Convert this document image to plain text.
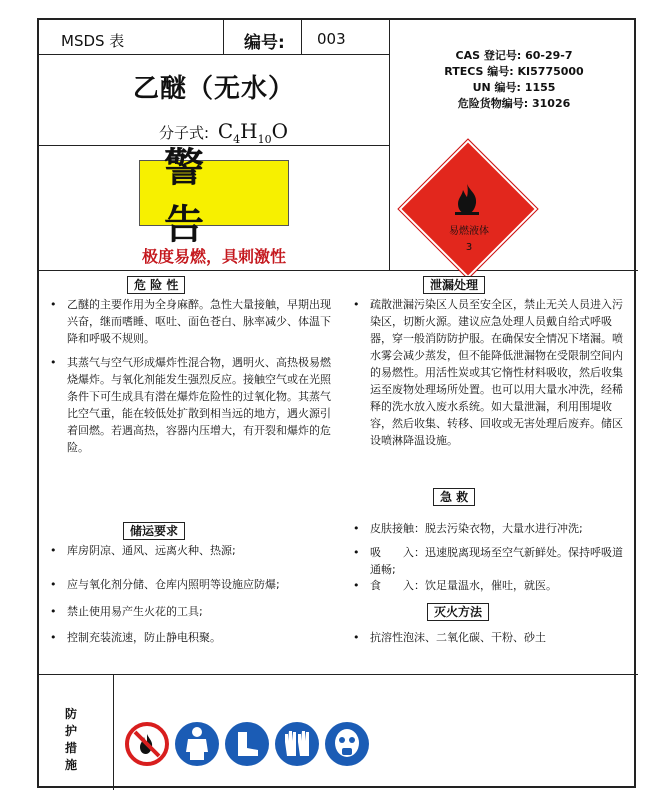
MSDS 表	编号: 003
乙醚（无水）
分子式: $C_4H_{10}O$
CAS 登记号: 60-29-7
RTECS 编号: KI5775000
UN 编号: 1155
危险货物编号: 31026
警 告
极度易燃，具刺激性
易燃液体
3
危 险 性
• 乙醚的主要作用为全身麻醉。急性大量接触，早期出现兴奋，继而嗜睡、呕吐、面色苍白、脉率减少、体温下降和呼吸不规则。
• 其蒸气与空气形成爆炸性混合物，遇明火、高热极易燃烧爆炸。与氧化剂能发生强烈反应。接触空气或在光照条件下可生成具有潜在爆炸危险性的过氧化物。其蒸气比空气重，能在较低处扩散到相当远的地方，遇火源引着回燃。若遇高热，容器内压增大，有开裂和爆炸的危险。
泄漏处理
• 疏散泄漏污染区人员至安全区，禁止无关人员进入污染区，切断火源。建议应急处理人员戴自给式呼吸器，穿一般消防防护服。在确保安全情况下堵漏。喷水雾会减少蒸发，但不能降低泄漏物在受限制空间内的易燃性。用活性炭或其它惰性材料吸收，然后收集运至废物处理场所处置。也可以用大量水冲洗，经稀释的洗水放入废水系统。如大量泄漏，利用围堤收容，然后收集、转移、回收或无害处理后废弃。储区设喷淋降温设施。
储运要求
• 库房阴凉、通风、远离火种、热源;
• 应与氧化剂分储、仓库内照明等设施应防爆;
• 禁止使用易产生火花的工具;
• 控制充装流速，防止静电积聚。
急 救
• 皮肤接触：脱去污染衣物，大量水进行冲洗;
• 吸　　入：迅速脱离现场至空气新鲜处。保持呼吸道通畅;
• 食　　入：饮足量温水，催吐，就医。
灭火方法
• 抗溶性泡沫、二氧化碳、干粉、砂土
防
护
措
施
